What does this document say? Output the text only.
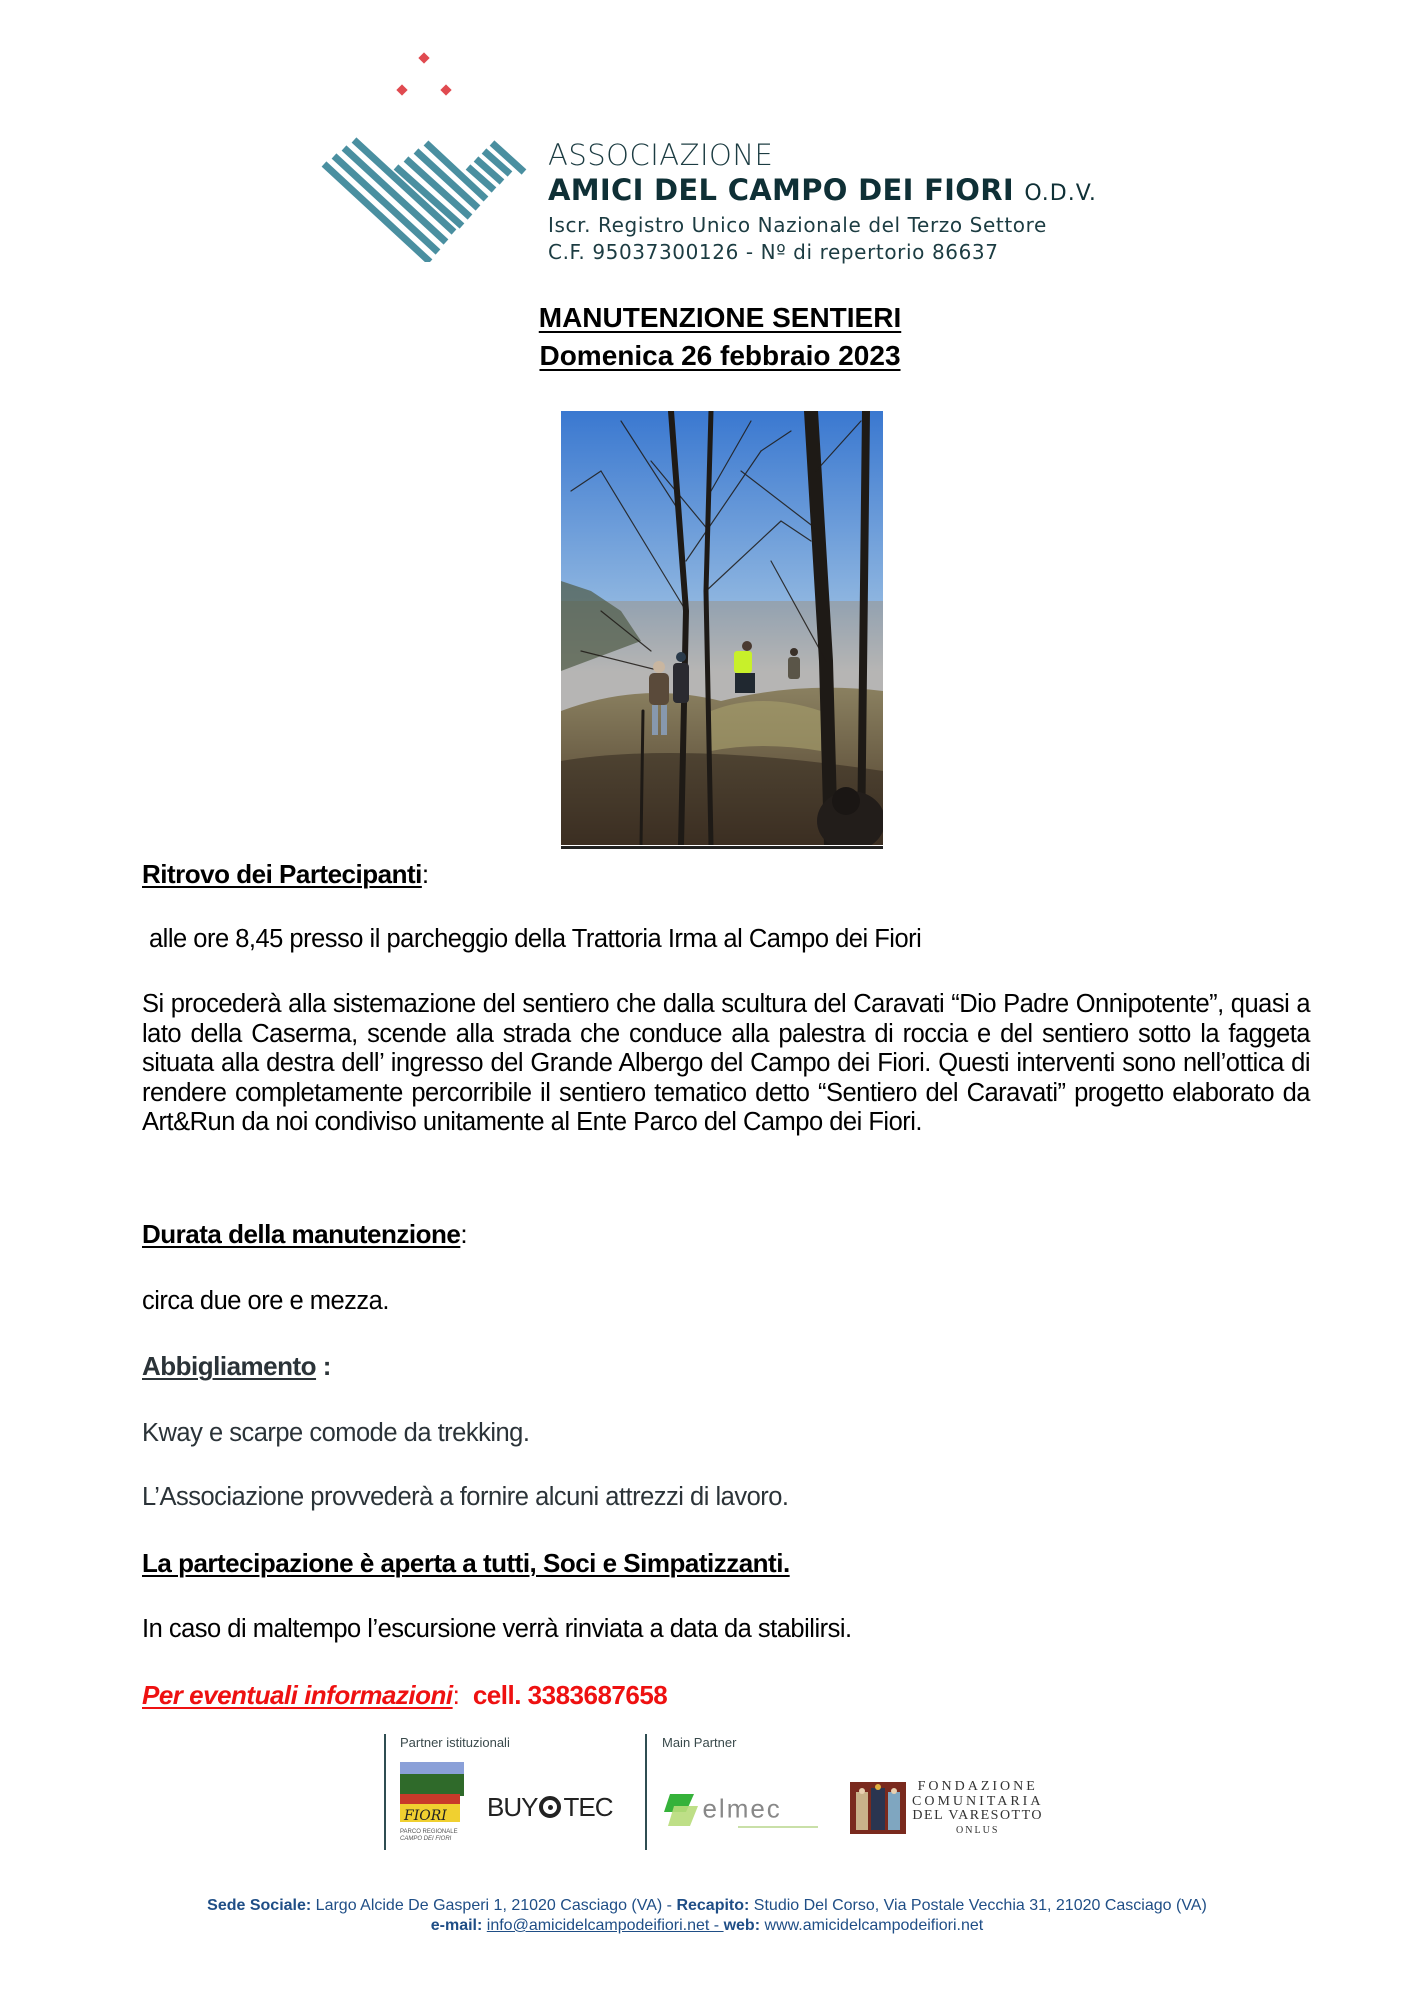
ASSOCIAZIONE
AMICI DEL CAMPO DEI FIORI O.D.V.
Iscr. Registro Unico Nazionale del Terzo Settore
C.F. 95037300126 - Nº di repertorio 86637
MANUTENZIONE SENTIERI
Domenica 26 febbraio 2023
Ritrovo dei Partecipanti:
alle ore 8,45 presso il parcheggio della Trattoria Irma al Campo dei Fiori
Si procederà alla sistemazione del sentiero che dalla scultura del Caravati “Dio Padre Onnipotente”, quasi a lato della Caserma, scende alla strada che conduce alla palestra di roccia e del sentiero sotto la faggeta situata alla destra dell’ ingresso del Grande Albergo del Campo dei Fiori. Questi interventi sono nell’ottica di rendere completamente percorribile il sentiero tematico detto “Sentiero del Caravati” progetto elaborato da Art&Run da noi condiviso unitamente al Ente Parco del Campo dei Fiori.
Durata della manutenzione:
circa due ore e mezza.
Abbigliamento :
Kway e scarpe comode da trekking.
L’Associazione provvederà a fornire alcuni attrezzi di lavoro.
La partecipazione è aperta a tutti, Soci e Simpatizzanti.
In caso di maltempo l’escursione verrà rinviata a data da stabilirsi.
Per eventuali informazioni: cell. 3383687658
Partner istituzionali	Main Partner
FIORI
PARCO REGIONALE
CAMPO DEI FIORI
BUY TEC	elmec
FONDAZIONE
COMUNITARIA
DEL VARESOTTO
ONLUS
Sede Sociale: Largo Alcide De Gasperi 1, 21020 Casciago (VA) - Recapito: Studio Del Corso, Via Postale Vecchia 31, 21020 Casciago (VA)
e-mail: info@amicidelcampodeifiori.net - web: www.amicidelcampodeifiori.net
